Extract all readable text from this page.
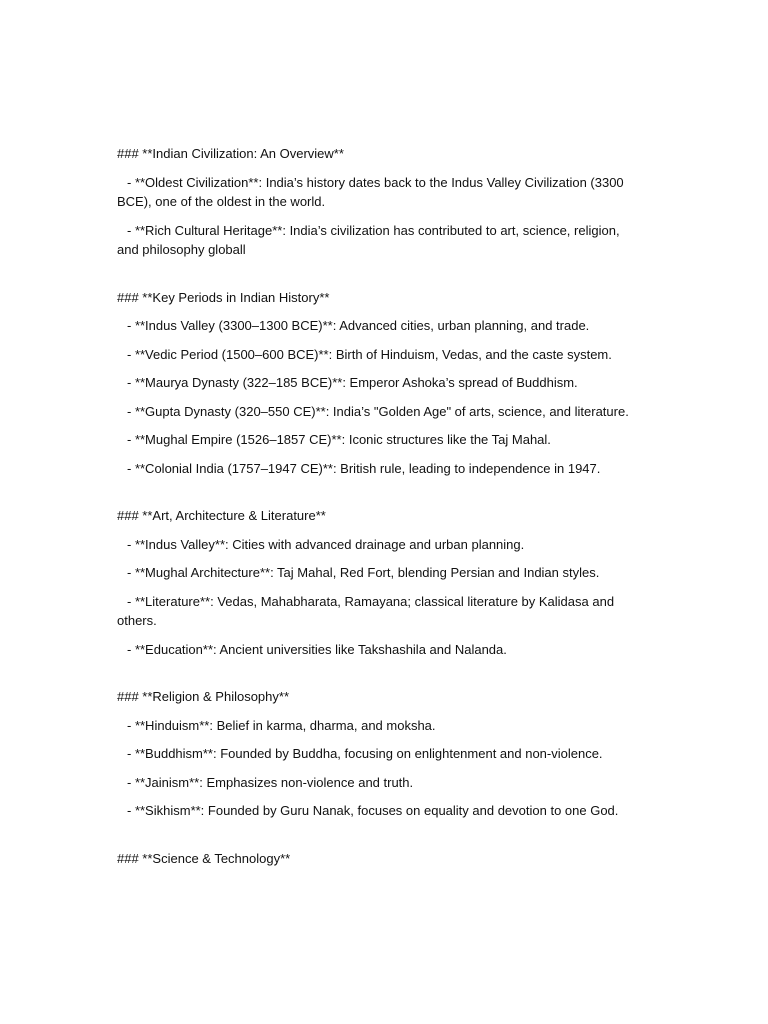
### **Indian Civilization: An Overview**

- **Oldest Civilization**: India’s history dates back to the Indus Valley Civilization (3300 BCE), one of the oldest in the world.

- **Rich Cultural Heritage**: India’s civilization has contributed to art, science, religion, and philosophy globall

### **Key Periods in Indian History**

- **Indus Valley (3300–1300 BCE)**: Advanced cities, urban planning, and trade.

- **Vedic Period (1500–600 BCE)**: Birth of Hinduism, Vedas, and the caste system.

- **Maurya Dynasty (322–185 BCE)**: Emperor Ashoka’s spread of Buddhism.

- **Gupta Dynasty (320–550 CE)**: India’s "Golden Age" of arts, science, and literature.

- **Mughal Empire (1526–1857 CE)**: Iconic structures like the Taj Mahal.

- **Colonial India (1757–1947 CE)**: British rule, leading to independence in 1947.

### **Art, Architecture & Literature**

- **Indus Valley**: Cities with advanced drainage and urban planning.

- **Mughal Architecture**: Taj Mahal, Red Fort, blending Persian and Indian styles.

- **Literature**: Vedas, Mahabharata, Ramayana; classical literature by Kalidasa and others.

- **Education**: Ancient universities like Takshashila and Nalanda.

### **Religion & Philosophy**

- **Hinduism**: Belief in karma, dharma, and moksha.

- **Buddhism**: Founded by Buddha, focusing on enlightenment and non-violence.

- **Jainism**: Emphasizes non-violence and truth.

- **Sikhism**: Founded by Guru Nanak, focuses on equality and devotion to one God.

### **Science & Technology**
